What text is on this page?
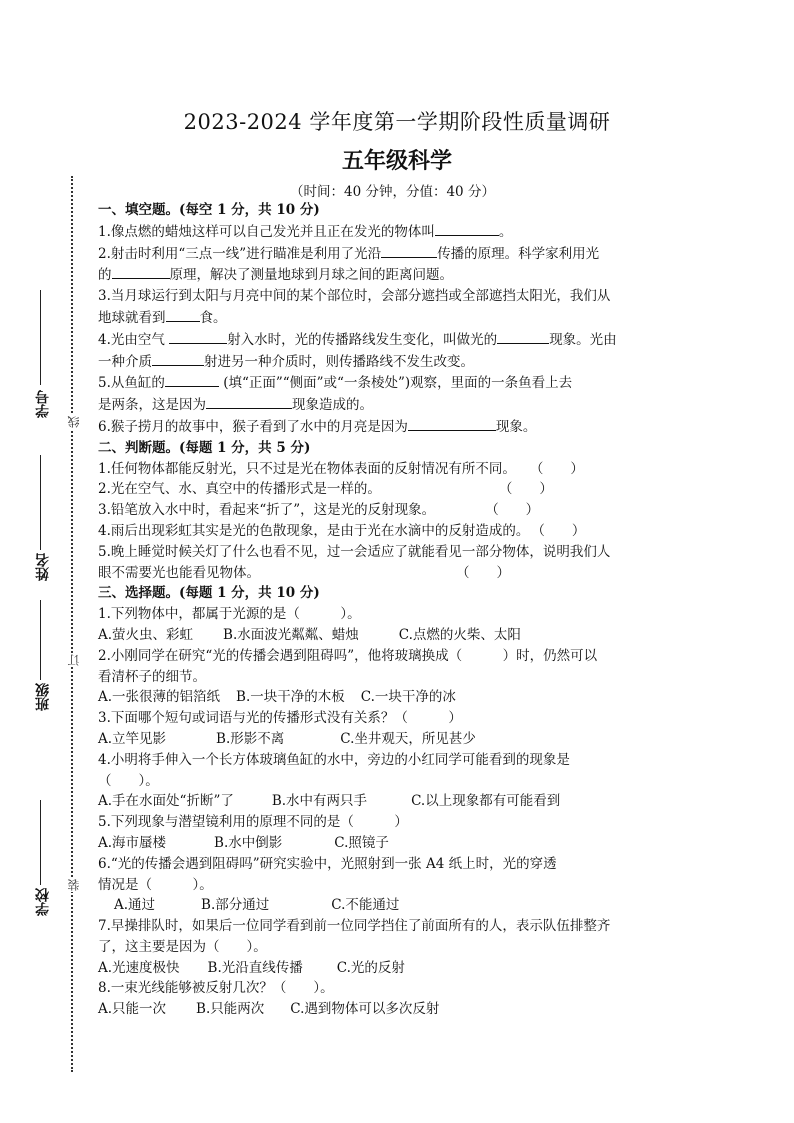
学号
姓名
班级
学校
线
订
装
2023-2024 学年度第一学期阶段性质量调研
五年级科学
（时间：40 分钟，分值：40 分）

一、填空题。(每空 1 分，共 10 分)

1.像点燃的蜡烛这样可以自己发光并且正在发光的物体叫	。

2.射击时利用“三点一线”进行瞄准是利用了光沿	传播的原理。科学家利用光

的	原理，解决了测量地球到月球之间的距离问题。

3.当月球运行到太阳与月亮中间的某个部位时，会部分遮挡或全部遮挡太阳光，我们从

地球就看到	食。

4.光由空气	射入水时，光的传播路线发生变化，叫做光的	现象。光由

一种介质	射进另一种介质时，则传播路线不发生改变。

5.从鱼缸的	(填“正面”“侧面”或“一条棱处”)观察，里面的一条鱼看上去

是两条，这是因为	现象造成的。

6.猴子捞月的故事中，猴子看到了水中的月亮是因为	现象。

二、判断题。(每题 1 分，共 5 分)

1.任何物体都能反射光，只不过是光在物体表面的反射情况有所不同。 （　　）

2.光在空气、水、真空中的传播形式是一样的。	（　　）

3.铅笔放入水中时，看起来“折了”，这是光的反射现象。	（　　）

4.雨后出现彩虹其实是光的色散现象，是由于光在水滴中的反射造成的。 （　　）

5.晚上睡觉时候关灯了什么也看不见，过一会适应了就能看见一部分物体，说明我们人

眼不需要光也能看见物体。	（　　）

三、选择题。(每题 1 分，共 10 分)

1.下列物体中，都属于光源的是（　　　）。

A.萤火虫、彩虹 B.水面波光粼粼、蜡烛	C.点燃的火柴、太阳

2.小刚同学在研究“光的传播会遇到阻碍吗”，他将玻璃换成（　　　）时，仍然可以

看清杯子的细节。

A.一张很薄的铝箔纸 B.一块干净的木板 C.一块干净的冰

3.下面哪个短句或词语与光的传播形式没有关系？（　　　）

A.立竿见影	B.形影不离	C.坐井观天，所见甚少

4.小明将手伸入一个长方体玻璃鱼缸的水中，旁边的小红同学可能看到的现象是

（　　）。

A.手在水面处“折断”了	B.水中有两只手	C.以上现象都有可能看到

5.下列现象与潜望镜利用的原理不同的是（　　　）

A.海市蜃楼	B.水中倒影	C.照镜子

6.“光的传播会遇到阻碍吗”研究实验中，光照射到一张 A4 纸上时，光的穿透

情况是（　　　）。

A.通过	B.部分通过	C.不能通过

7.早操排队时，如果后一位同学看到前一位同学挡住了前面所有的人，表示队伍排整齐

了，这主要是因为（　　）。

A.光速度极快 B.光沿直线传播	C.光的反射

8.一束光线能够被反射几次？（　　）。

A.只能一次 B.只能两次 C.遇到物体可以多次反射
